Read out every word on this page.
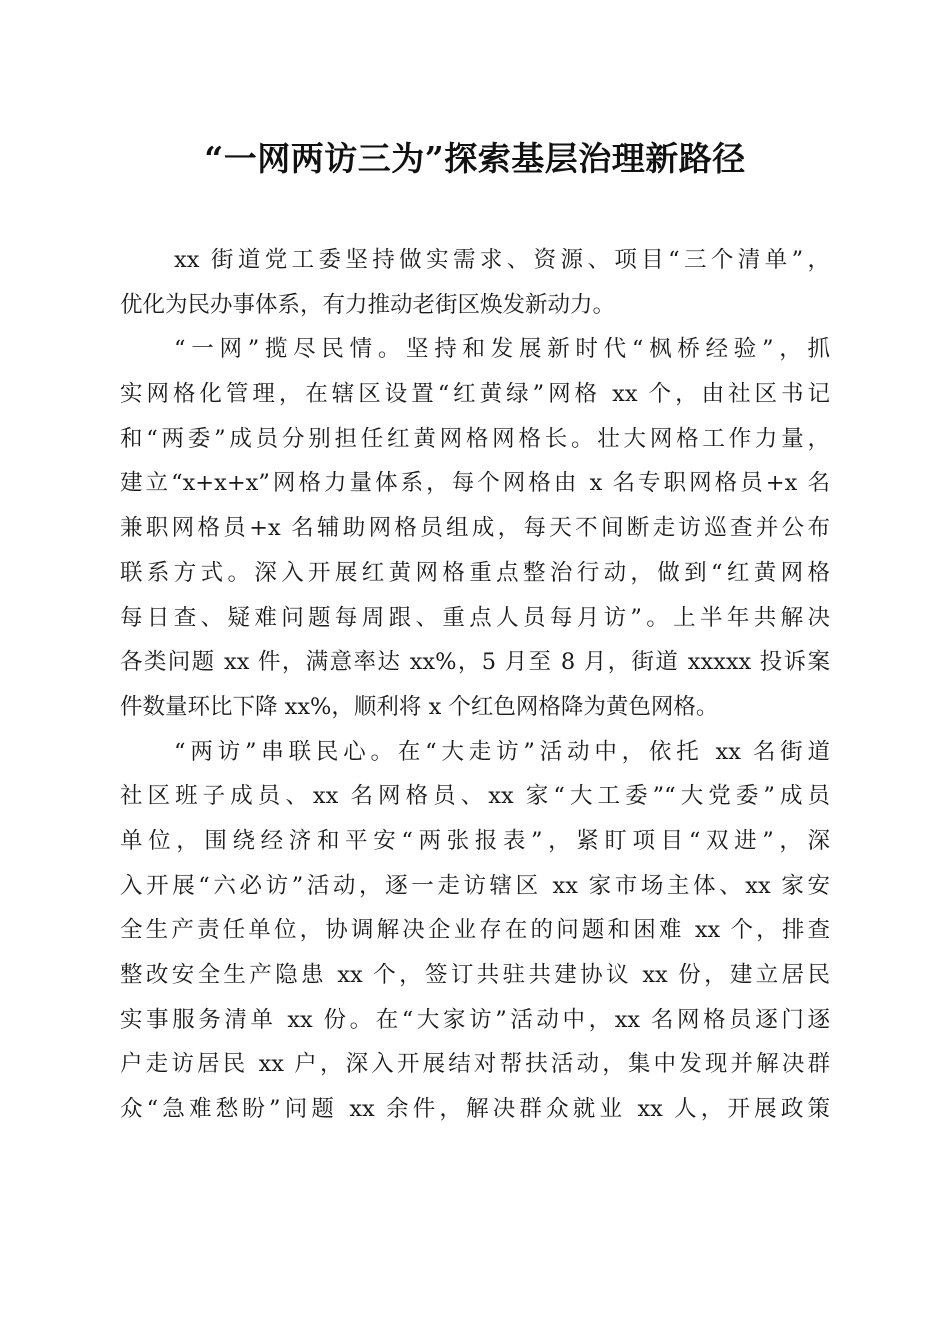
“一网两访三为”探索基层治理新路径
xx 街道党工委坚持做实需求、资源、项目“三个清单”，
优化为民办事体系，有力推动老街区焕发新动力。
“一网”揽尽民情。坚持和发展新时代“枫桥经验”，抓
实网格化管理，在辖区设置“红黄绿”网格 xx 个，由社区书记
和“两委”成员分别担任红黄网格网格长。壮大网格工作力量，
建立“x+x+x”网格力量体系，每个网格由 x 名专职网格员+x 名
兼职网格员+x 名辅助网格员组成，每天不间断走访巡查并公布
联系方式。深入开展红黄网格重点整治行动，做到“红黄网格
每日查、疑难问题每周跟、重点人员每月访”。上半年共解决
各类问题 xx 件，满意率达 xx%，5 月至 8 月，街道 xxxxx 投诉案
件数量环比下降 xx%，顺利将 x 个红色网格降为黄色网格。
“两访”串联民心。在“大走访”活动中，依托 xx 名街道
社区班子成员、xx 名网格员、xx 家“大工委”“大党委”成员
单位，围绕经济和平安“两张报表”，紧盯项目“双进”，深
入开展“六必访”活动，逐一走访辖区 xx 家市场主体、xx 家安
全生产责任单位，协调解决企业存在的问题和困难 xx 个，排查
整改安全生产隐患 xx 个，签订共驻共建协议 xx 份，建立居民
实事服务清单 xx 份。在“大家访”活动中，xx 名网格员逐门逐
户走访居民 xx 户，深入开展结对帮扶活动，集中发现并解决群
众“急难愁盼”问题 xx 余件，解决群众就业 xx 人，开展政策
